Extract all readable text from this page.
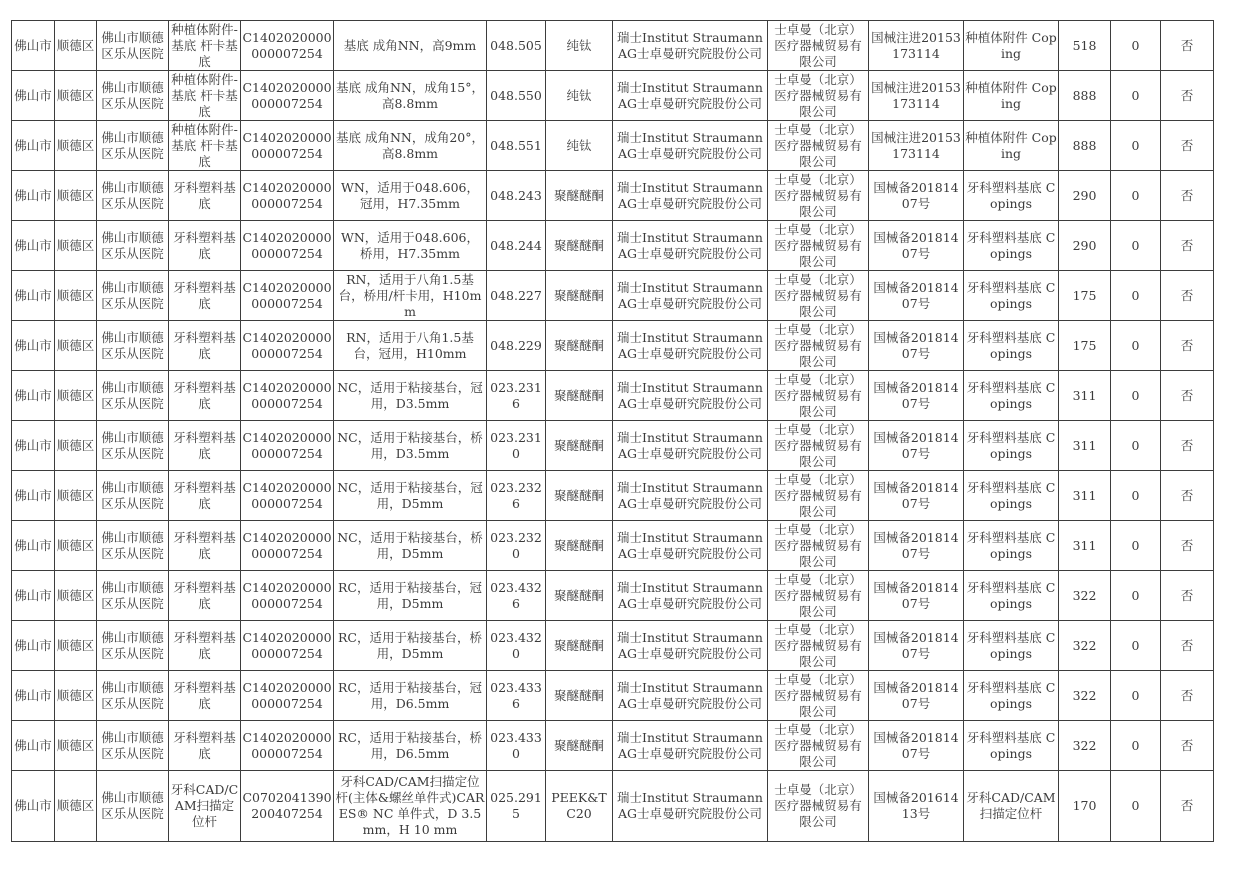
佛山市	顺德区	佛山市顺德区乐从医院	种植体附件-基底 杆卡基底	C1402020000000007254	基底 成角NN，高9mm	048.505	纯钛	瑞士Institut Straumann AG士卓曼研究院股份公司	士卓曼（北京）医疗器械贸易有限公司	国械注进20153173114	种植体附件 Coping	518	0	否
佛山市	顺德区	佛山市顺德区乐从医院	种植体附件-基底 杆卡基底	C1402020000000007254	基底 成角NN，成角15°，高8.8mm	048.550	纯钛	瑞士Institut Straumann AG士卓曼研究院股份公司	士卓曼（北京）医疗器械贸易有限公司	国械注进20153173114	种植体附件 Coping	888	0	否
佛山市	顺德区	佛山市顺德区乐从医院	种植体附件-基底 杆卡基底	C1402020000000007254	基底 成角NN，成角20°，高8.8mm	048.551	纯钛	瑞士Institut Straumann AG士卓曼研究院股份公司	士卓曼（北京）医疗器械贸易有限公司	国械注进20153173114	种植体附件 Coping	888	0	否
佛山市	顺德区	佛山市顺德区乐从医院	牙科塑料基底	C1402020000000007254	WN，适用于048.606，冠用，H7.35mm	048.243	聚醚醚酮	瑞士Institut Straumann AG士卓曼研究院股份公司	士卓曼（北京）医疗器械贸易有限公司	国械备20181407号	牙科塑料基底 Copings	290	0	否
佛山市	顺德区	佛山市顺德区乐从医院	牙科塑料基底	C1402020000000007254	WN，适用于048.606，桥用，H7.35mm	048.244	聚醚醚酮	瑞士Institut Straumann AG士卓曼研究院股份公司	士卓曼（北京）医疗器械贸易有限公司	国械备20181407号	牙科塑料基底 Copings	290	0	否
佛山市	顺德区	佛山市顺德区乐从医院	牙科塑料基底	C1402020000000007254	RN，适用于八角1.5基台，桥用/杆卡用，H10mm	048.227	聚醚醚酮	瑞士Institut Straumann AG士卓曼研究院股份公司	士卓曼（北京）医疗器械贸易有限公司	国械备20181407号	牙科塑料基底 Copings	175	0	否
佛山市	顺德区	佛山市顺德区乐从医院	牙科塑料基底	C1402020000000007254	RN，适用于八角1.5基台，冠用，H10mm	048.229	聚醚醚酮	瑞士Institut Straumann AG士卓曼研究院股份公司	士卓曼（北京）医疗器械贸易有限公司	国械备20181407号	牙科塑料基底 Copings	175	0	否
佛山市	顺德区	佛山市顺德区乐从医院	牙科塑料基底	C1402020000000007254	NC，适用于粘接基台，冠用，D3.5mm	023.2316	聚醚醚酮	瑞士Institut Straumann AG士卓曼研究院股份公司	士卓曼（北京）医疗器械贸易有限公司	国械备20181407号	牙科塑料基底 Copings	311	0	否
佛山市	顺德区	佛山市顺德区乐从医院	牙科塑料基底	C1402020000000007254	NC，适用于粘接基台，桥用，D3.5mm	023.2310	聚醚醚酮	瑞士Institut Straumann AG士卓曼研究院股份公司	士卓曼（北京）医疗器械贸易有限公司	国械备20181407号	牙科塑料基底 Copings	311	0	否
佛山市	顺德区	佛山市顺德区乐从医院	牙科塑料基底	C1402020000000007254	NC，适用于粘接基台，冠用，D5mm	023.2326	聚醚醚酮	瑞士Institut Straumann AG士卓曼研究院股份公司	士卓曼（北京）医疗器械贸易有限公司	国械备20181407号	牙科塑料基底 Copings	311	0	否
佛山市	顺德区	佛山市顺德区乐从医院	牙科塑料基底	C1402020000000007254	NC，适用于粘接基台，桥用，D5mm	023.2320	聚醚醚酮	瑞士Institut Straumann AG士卓曼研究院股份公司	士卓曼（北京）医疗器械贸易有限公司	国械备20181407号	牙科塑料基底 Copings	311	0	否
佛山市	顺德区	佛山市顺德区乐从医院	牙科塑料基底	C1402020000000007254	RC，适用于粘接基台，冠用，D5mm	023.4326	聚醚醚酮	瑞士Institut Straumann AG士卓曼研究院股份公司	士卓曼（北京）医疗器械贸易有限公司	国械备20181407号	牙科塑料基底 Copings	322	0	否
佛山市	顺德区	佛山市顺德区乐从医院	牙科塑料基底	C1402020000000007254	RC，适用于粘接基台，桥用，D5mm	023.4320	聚醚醚酮	瑞士Institut Straumann AG士卓曼研究院股份公司	士卓曼（北京）医疗器械贸易有限公司	国械备20181407号	牙科塑料基底 Copings	322	0	否
佛山市	顺德区	佛山市顺德区乐从医院	牙科塑料基底	C1402020000000007254	RC，适用于粘接基台，冠用，D6.5mm	023.4336	聚醚醚酮	瑞士Institut Straumann AG士卓曼研究院股份公司	士卓曼（北京）医疗器械贸易有限公司	国械备20181407号	牙科塑料基底 Copings	322	0	否
佛山市	顺德区	佛山市顺德区乐从医院	牙科塑料基底	C1402020000000007254	RC，适用于粘接基台，桥用，D6.5mm	023.4330	聚醚醚酮	瑞士Institut Straumann AG士卓曼研究院股份公司	士卓曼（北京）医疗器械贸易有限公司	国械备20181407号	牙科塑料基底 Copings	322	0	否
佛山市	顺德区	佛山市顺德区乐从医院	牙科CAD/CAM扫描定位杆	C0702041390200407254	牙科CAD/CAM扫描定位杆(主体&螺丝单件式)CARES® NC 单件式，D 3.5 mm，H 10 mm	025.2915	PEEK&TC20	瑞士Institut Straumann AG士卓曼研究院股份公司	士卓曼（北京）医疗器械贸易有限公司	国械备20161413号	牙科CAD/CAM扫描定位杆	170	0	否
